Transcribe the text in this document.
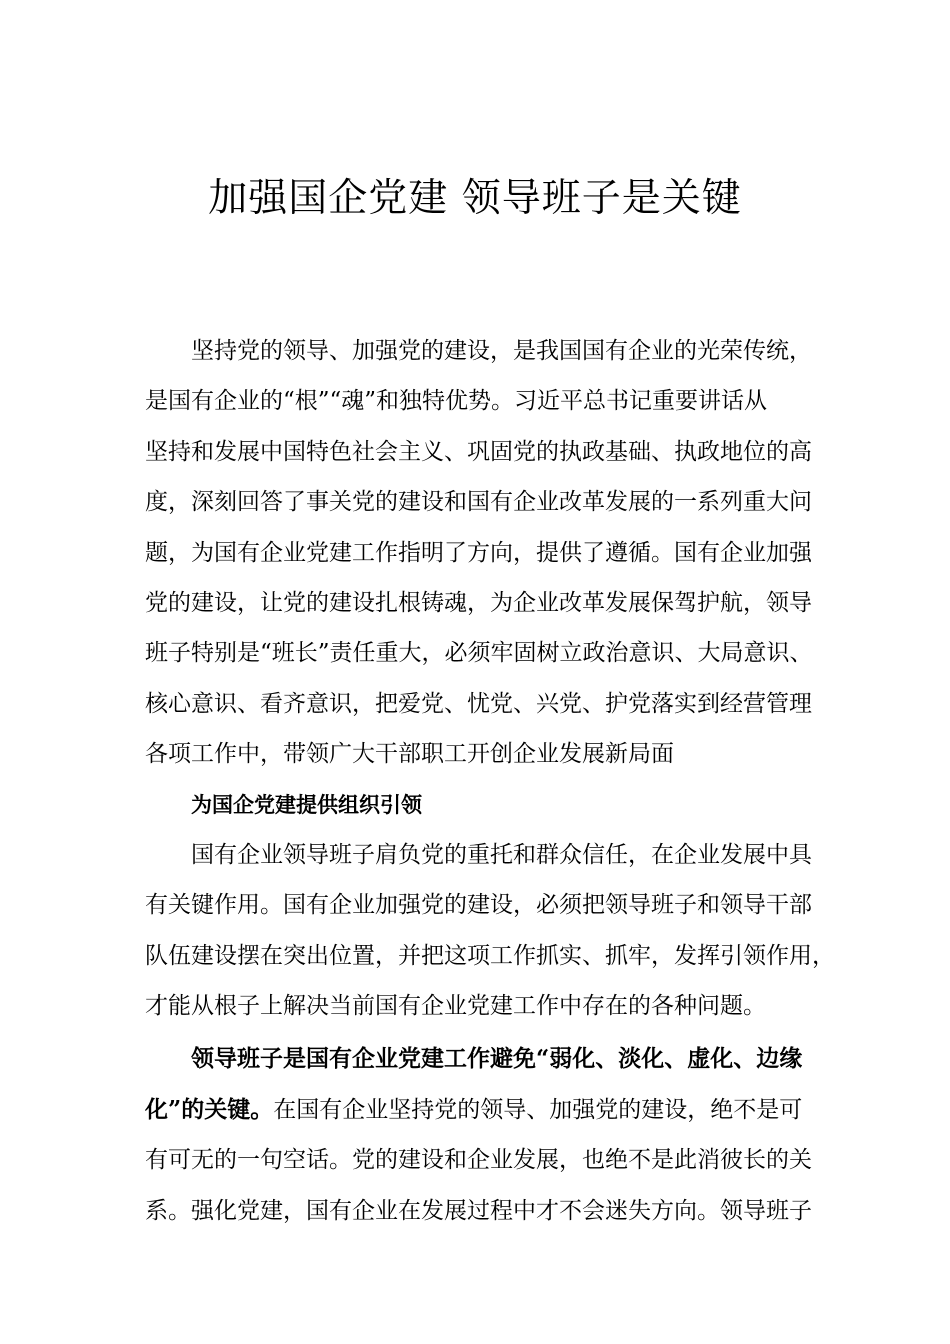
加强国企党建 领导班子是关键
坚持党的领导、加强党的建设，是我国国有企业的光荣传统，
是国有企业的“根”“魂”和独特优势。习近平总书记重要讲话从
坚持和发展中国特色社会主义、巩固党的执政基础、执政地位的高
度，深刻回答了事关党的建设和国有企业改革发展的一系列重大问
题，为国有企业党建工作指明了方向，提供了遵循。国有企业加强
党的建设，让党的建设扎根铸魂，为企业改革发展保驾护航，领导
班子特别是“班长”责任重大，必须牢固树立政治意识、大局意识、
核心意识、看齐意识，把爱党、忧党、兴党、护党落实到经营管理
各项工作中，带领广大干部职工开创企业发展新局面
为国企党建提供组织引领
国有企业领导班子肩负党的重托和群众信任，在企业发展中具
有关键作用。国有企业加强党的建设，必须把领导班子和领导干部
队伍建设摆在突出位置，并把这项工作抓实、抓牢，发挥引领作用，
才能从根子上解决当前国有企业党建工作中存在的各种问题。
领导班子是国有企业党建工作避免“弱化、淡化、虚化、边缘
化”的关键。在国有企业坚持党的领导、加强党的建设，绝不是可
有可无的一句空话。党的建设和企业发展，也绝不是此消彼长的关
系。强化党建，国有企业在发展过程中才不会迷失方向。领导班子
